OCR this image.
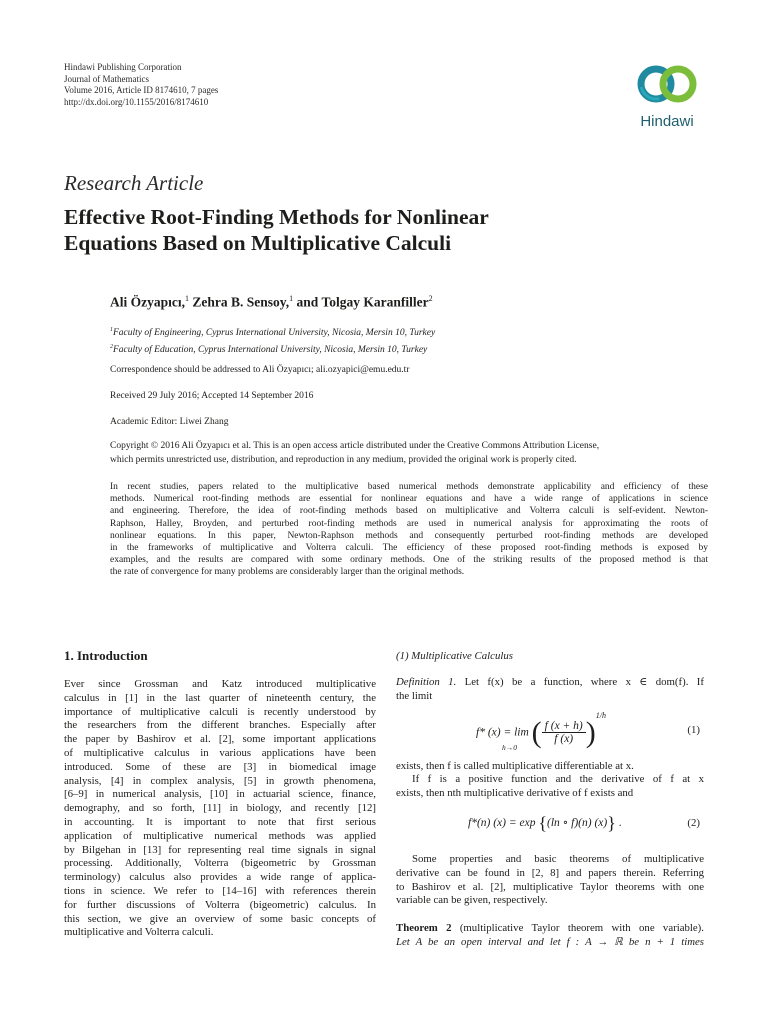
Hindawi Publishing Corporation
Journal of Mathematics
Volume 2016, Article ID 8174610, 7 pages
http://dx.doi.org/10.1155/2016/8174610
Hindawi
Research Article
Effective Root-Finding Methods for Nonlinear
Equations Based on Multiplicative Calculi
Ali Özyapıcı,$^1$ Zehra B. Sensoy,$^1$ and Tolgay Karanfiller$^2$
$^1$Faculty of Engineering, Cyprus International University, Nicosia, Mersin 10, Turkey
$^2$Faculty of Education, Cyprus International University, Nicosia, Mersin 10, Turkey
Correspondence should be addressed to Ali Özyapıcı; ali.ozyapici@emu.edu.tr
Received 29 July 2016; Accepted 14 September 2016
Academic Editor: Liwei Zhang
Copyright © 2016 Ali Özyapıcı et al. This is an open access article distributed under the Creative Commons Attribution License,
which permits unrestricted use, distribution, and reproduction in any medium, provided the original work is properly cited.
In recent studies, papers related to the multiplicative based numerical methods demonstrate applicability and efficiency of these
methods. Numerical root-finding methods are essential for nonlinear equations and have a wide range of applications in science
and engineering. Therefore, the idea of root-finding methods based on multiplicative and Volterra calculi is self-evident. Newton-
Raphson, Halley, Broyden, and perturbed root-finding methods are used in numerical analysis for approximating the roots of
nonlinear equations. In this paper, Newton-Raphson methods and consequently perturbed root-finding methods are developed
in the frameworks of multiplicative and Volterra calculi. The efficiency of these proposed root-finding methods is exposed by
examples, and the results are compared with some ordinary methods. One of the striking results of the proposed method is that
the rate of convergence for many problems are considerably larger than the original methods.
1. Introduction
Ever since Grossman and Katz introduced multiplicative
calculus in [1] in the last quarter of nineteenth century, the
importance of multiplicative calculi is recently understood by
the researchers from the different branches. Especially after
the paper by Bashirov et al. [2], some important applications
of multiplicative calculus in various applications have been
introduced. Some of these are [3] in biomedical image
analysis, [4] in complex analysis, [5] in growth phenomena,
[6–9] in numerical analysis, [10] in actuarial science, finance,
demography, and so forth, [11] in biology, and recently [12]
in accounting. It is important to note that first serious
application of multiplicative numerical methods was applied
by Bilgehan in [13] for representing real time signals in signal
processing. Additionally, Volterra (bigeometric by Grossman
terminology) calculus also provides a wide range of applica-
tions in science. We refer to [14–16] with references therein
for further discussions of Volterra (bigeometric) calculus. In
this section, we give an overview of some basic concepts of
multiplicative and Volterra calculi.
(1) Multiplicative Calculus
Definition 1. Let f(x) be a function, where x ∈ dom(f). If
the limit
f* (x) = lim ( $\frac{f (x + h)}{f (x)} )^{1/h}$
h→0
(1)
exists, then f is called multiplicative differentiable at x.
If f is a positive function and the derivative of f at x
exists, then nth multiplicative derivative of f exists and
f*(n) (x) = exp {(ln ∘ f)(n) (x)} .	(2)
Some properties and basic theorems of multiplicative
derivative can be found in [2, 8] and papers therein. Referring
to Bashirov et al. [2], multiplicative Taylor theorems with one
variable can be given, respectively.
Theorem 2 (multiplicative Taylor theorem with one variable).
Let A be an open interval and let f : A → ℝ be n + 1 times
